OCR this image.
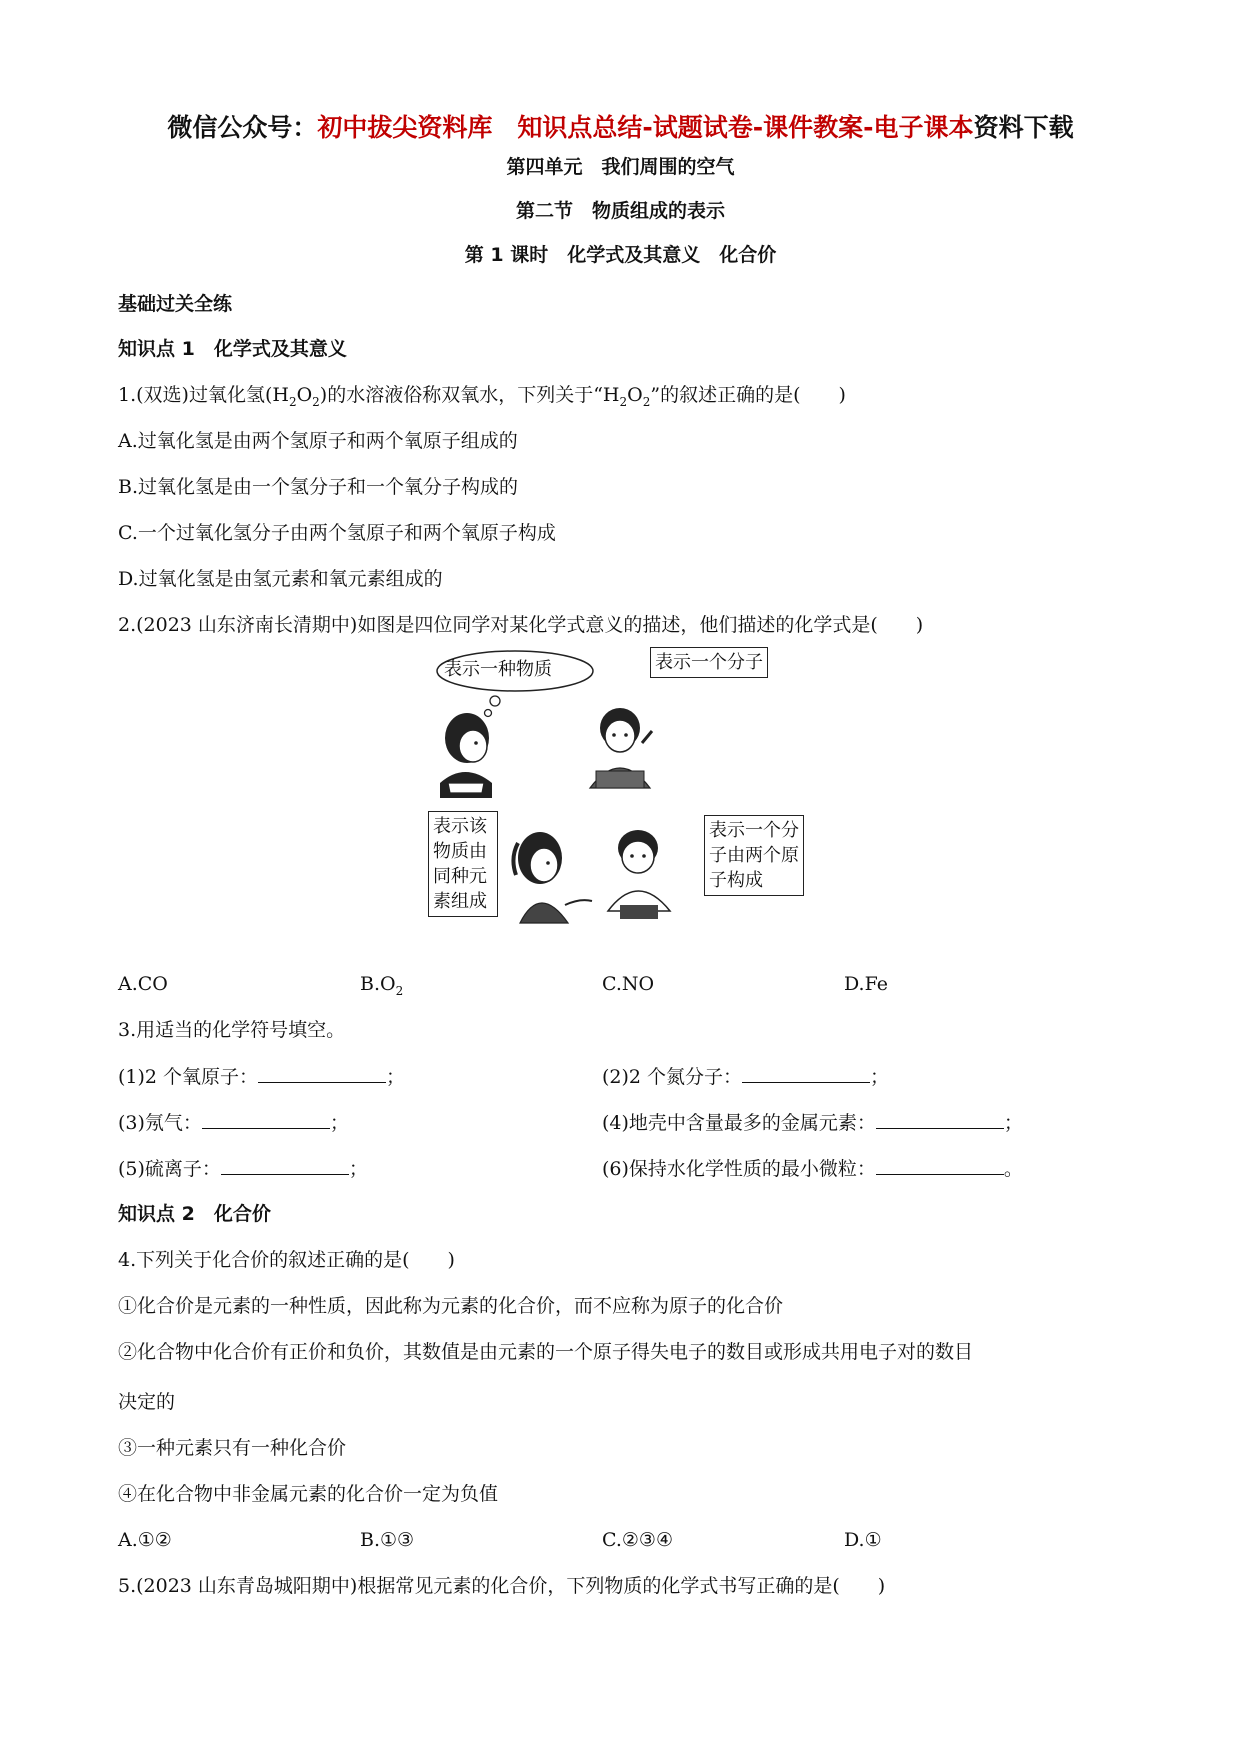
微信公众号：初中拔尖资料库　知识点总结-试题试卷-课件教案-电子课本资料下载
第四单元　我们周围的空气
第二节　物质组成的表示
第 1 课时　化学式及其意义　化合价
基础过关全练
知识点 1　化学式及其意义
1.(双选)过氧化氢$(H_2O_2)$的水溶液俗称双氧水，下列关于“$H_2O_2$”的叙述正确的是(　　)
A.过氧化氢是由两个氢原子和两个氧原子组成的
B.过氧化氢是由一个氢分子和一个氧分子构成的
C.一个过氧化氢分子由两个氢原子和两个氧原子构成
D.过氧化氢是由氢元素和氧元素组成的
2.(2023 山东济南长清期中)如图是四位同学对某化学式意义的描述，他们描述的化学式是(　　)
表示一种物质	表示一个分子
表示该
物质由
同种元
素组成
表示一个分
子由两个原
子构成
A.CO	$B.O_2$	C.NO	D.Fe
3.用适当的化学符号填空。
(1)2 个氧原子：	；	(2)2 个氮分子：	；
(3)氖气：	；	(4)地壳中含量最多的金属元素：	；
(5)硫离子：	；	(6)保持水化学性质的最小微粒：	。
知识点 2　化合价
4.下列关于化合价的叙述正确的是(　　)
①化合价是元素的一种性质，因此称为元素的化合价，而不应称为原子的化合价
②化合物中化合价有正价和负价，其数值是由元素的一个原子得失电子的数目或形成共用电子对的数目
决定的
③一种元素只有一种化合价
④在化合物中非金属元素的化合价一定为负值
A.①②	B.①③	C.②③④	D.①
5.(2023 山东青岛城阳期中)根据常见元素的化合价，下列物质的化学式书写正确的是(　　)
